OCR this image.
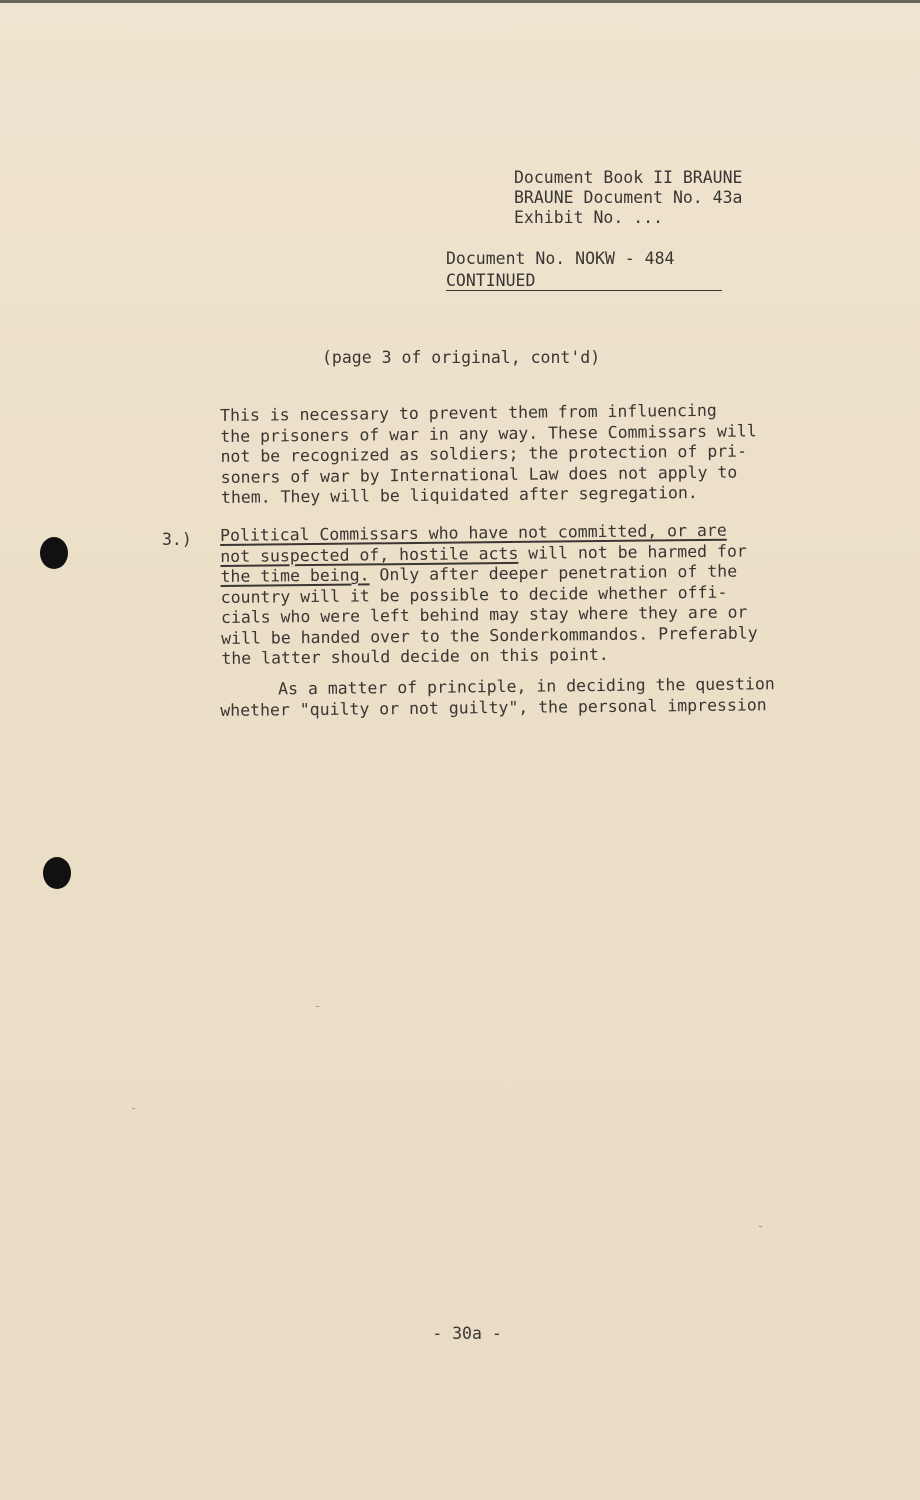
Document Book II BRAUNE
BRAUNE Document No. 43a
Exhibit No. ...
Document No. NOKW - 484
CONTINUED
(page 3 of original, cont'd)
This is necessary to prevent them from influencing
the prisoners of war in any way. These Commissars will
not be recognized as soldiers; the protection of pri-
soners of war by International Law does not apply to
them. They will be liquidated after segregation.
3.) Political Commissars who have not committed, or are
not suspected of, hostile acts will not be harmed for
the time being. Only after deeper penetration of the
country will it be possible to decide whether offi-
cials who were left behind may stay where they are or
will be handed over to the Sonderkommandos. Preferably
the latter should decide on this point.
As a matter of principle, in deciding the question
whether "quilty or not guilty", the personal impression
- 30a -
